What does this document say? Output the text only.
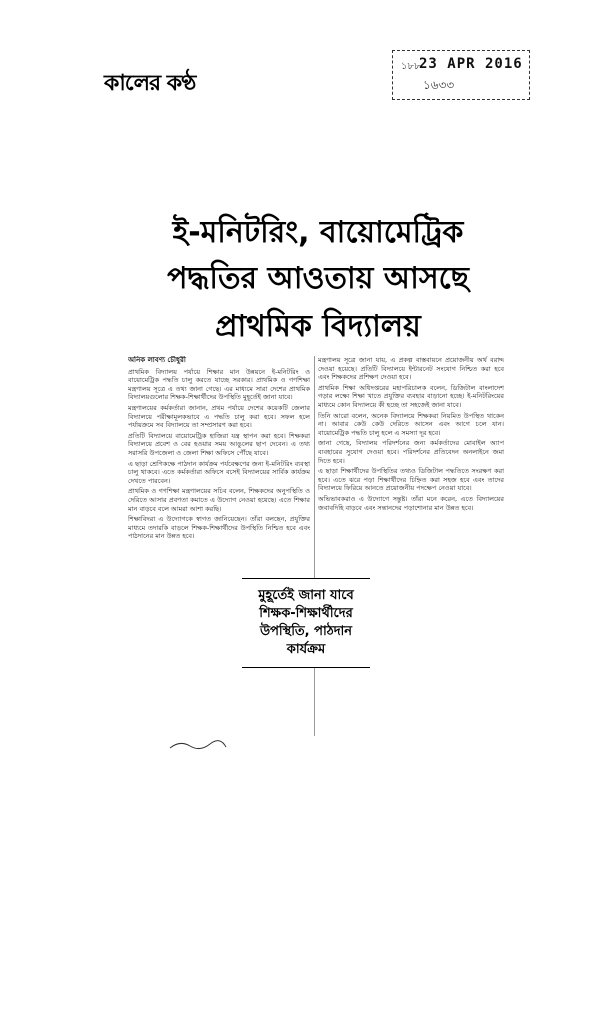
কালের কণ্ঠ
১৮৮
23 APR 2016
১৬৩৩
ই-মনিটরিং, বায়োমেট্রিক
পদ্ধতির আওতায় আসছে
প্রাথমিক বিদ্যালয়

অনিক লাবণ্য চৌধুরী

প্রাথমিক বিদ্যালয় পর্যায়ে শিক্ষার মান উন্নয়নে ই-মনিটরিং ও বায়োমেট্রিক পদ্ধতি চালু করতে যাচ্ছে সরকার। প্রাথমিক ও গণশিক্ষা মন্ত্রণালয় সূত্রে এ তথ্য জানা গেছে। এর মাধ্যমে সারা দেশের প্রাথমিক বিদ্যালয়গুলোর শিক্ষক-শিক্ষার্থীদের উপস্থিতি মুহূর্তেই জানা যাবে।

মন্ত্রণালয়ের কর্মকর্তারা জানান, প্রথম পর্যায়ে দেশের কয়েকটি জেলার বিদ্যালয়ে পরীক্ষামূলকভাবে এ পদ্ধতি চালু করা হবে। সফল হলে পর্যায়ক্রমে সব বিদ্যালয়ে তা সম্প্রসারণ করা হবে।

প্রতিটি বিদ্যালয়ে বায়োমেট্রিক হাজিরা যন্ত্র স্থাপন করা হবে। শিক্ষকরা বিদ্যালয়ে প্রবেশ ও বের হওয়ার সময় আঙুলের ছাপ দেবেন। এ তথ্য সরাসরি উপজেলা ও জেলা শিক্ষা অফিসে পৌঁছে যাবে।

এ ছাড়া শ্রেণিকক্ষে পাঠদান কার্যক্রম পর্যবেক্ষণের জন্য ই-মনিটরিং ব্যবস্থা চালু থাকবে। এতে কর্মকর্তারা অফিসে বসেই বিদ্যালয়ের সার্বিক কার্যক্রম দেখতে পারবেন।

প্রাথমিক ও গণশিক্ষা মন্ত্রণালয়ের সচিব বলেন, শিক্ষকদের অনুপস্থিতি ও দেরিতে আসার প্রবণতা কমাতে এ উদ্যোগ নেওয়া হয়েছে। এতে শিক্ষার মান বাড়বে বলে আমরা আশা করছি।

শিক্ষাবিদরা এ উদ্যোগকে স্বাগত জানিয়েছেন। তাঁরা বলছেন, প্রযুক্তির মাধ্যমে তদারকি বাড়লে শিক্ষক-শিক্ষার্থীদের উপস্থিতি নিশ্চিত হবে এবং পাঠদানের মান উন্নত হবে।

মন্ত্রণালয় সূত্রে জানা যায়, এ প্রকল্প বাস্তবায়নে প্রয়োজনীয় অর্থ বরাদ্দ দেওয়া হয়েছে। প্রতিটি বিদ্যালয়ে ইন্টারনেট সংযোগ নিশ্চিত করা হবে এবং শিক্ষকদের প্রশিক্ষণ দেওয়া হবে।

প্রাথমিক শিক্ষা অধিদপ্তরের মহাপরিচালক বলেন, ডিজিটাল বাংলাদেশ গড়ার লক্ষ্যে শিক্ষা খাতে প্রযুক্তির ব্যবহার বাড়ানো হচ্ছে। ই-মনিটরিংয়ের মাধ্যমে কোন বিদ্যালয়ে কী হচ্ছে তা সহজেই জানা যাবে।

তিনি আরো বলেন, অনেক বিদ্যালয়ে শিক্ষকরা নিয়মিত উপস্থিত থাকেন না। আবার কেউ কেউ দেরিতে আসেন এবং আগে চলে যান। বায়োমেট্রিক পদ্ধতি চালু হলে এ সমস্যা দূর হবে।

জানা গেছে, বিদ্যালয় পরিদর্শনের জন্য কর্মকর্তাদের মোবাইল অ্যাপ ব্যবহারের সুযোগ দেওয়া হবে। পরিদর্শনের প্রতিবেদন অনলাইনে জমা দিতে হবে।

এ ছাড়া শিক্ষার্থীদের উপস্থিতির তথ্যও ডিজিটাল পদ্ধতিতে সংরক্ষণ করা হবে। এতে ঝরে পড়া শিক্ষার্থীদের চিহ্নিত করা সহজ হবে এবং তাদের বিদ্যালয়ে ফিরিয়ে আনতে প্রয়োজনীয় পদক্ষেপ নেওয়া যাবে।

অভিভাবকরাও এ উদ্যোগে সন্তুষ্ট। তাঁরা মনে করেন, এতে বিদ্যালয়ের জবাবদিহি বাড়বে এবং সন্তানদের পড়াশোনার মান উন্নত হবে।

মুহূর্তেই জানা যাবে
শিক্ষক-শিক্ষার্থীদের
উপস্থিতি, পাঠদান
কার্যক্রম
